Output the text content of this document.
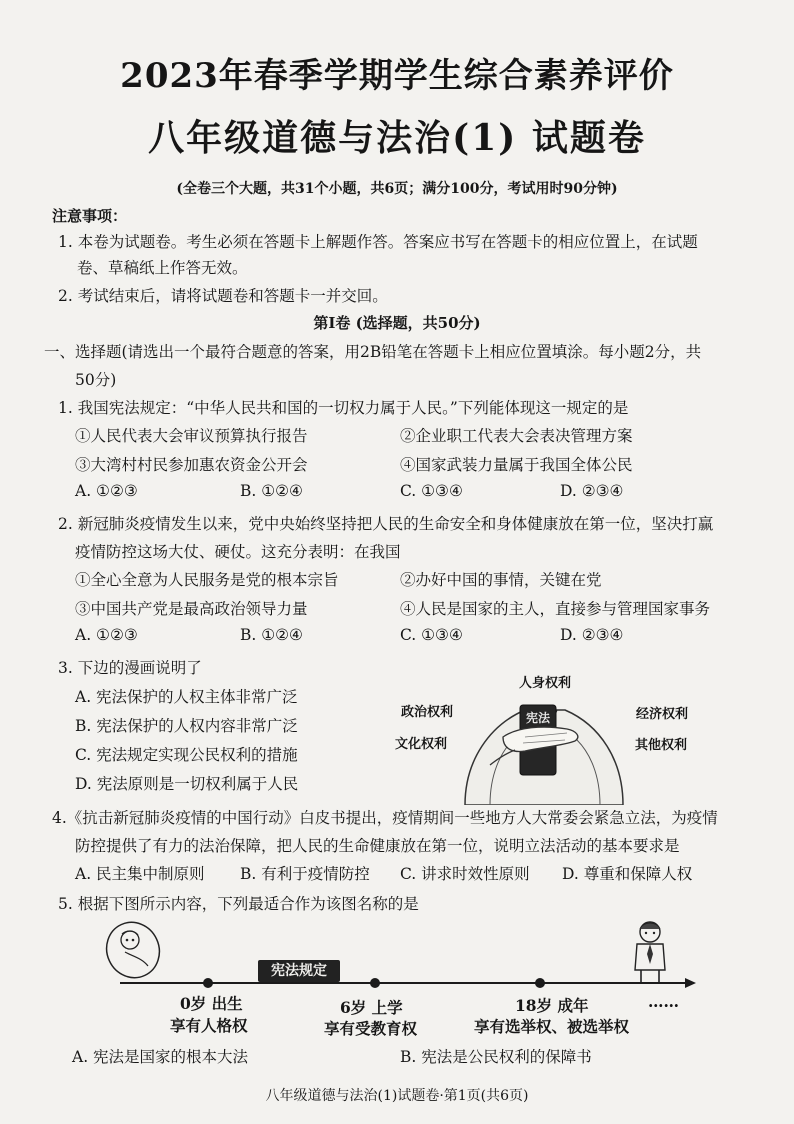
2023年春季学期学生综合素养评价
八年级道德与法治(1) 试题卷
(全卷三个大题，共31个小题，共6页；满分100分，考试用时90分钟)
注意事项：
1. 本卷为试题卷。考生必须在答题卡上解题作答。答案应书写在答题卡的相应位置上，在试题
卷、草稿纸上作答无效。
2. 考试结束后，请将试题卷和答题卡一并交回。
第Ⅰ卷 (选择题，共50分)
一、选择题(请选出一个最符合题意的答案，用2B铅笔在答题卡上相应位置填涂。每小题2分，共
50分)
1. 我国宪法规定：“中华人民共和国的一切权力属于人民。”下列能体现这一规定的是
①人民代表大会审议预算执行报告	②企业职工代表大会表决管理方案
③大湾村村民参加惠农资金公开会	④国家武装力量属于我国全体公民
A. ①②③	B. ①②④	C. ①③④	D. ②③④
2. 新冠肺炎疫情发生以来，党中央始终坚持把人民的生命安全和身体健康放在第一位，坚决打赢
疫情防控这场大仗、硬仗。这充分表明：在我国
①全心全意为人民服务是党的根本宗旨	②办好中国的事情，关键在党
③中国共产党是最高政治领导力量	④人民是国家的主人，直接参与管理国家事务
A. ①②③	B. ①②④	C. ①③④	D. ②③④
3. 下边的漫画说明了
A. 宪法保护的人权主体非常广泛
B. 宪法保护的人权内容非常广泛
C. 宪法规定实现公民权利的措施
D. 宪法原则是一切权利属于人民
人身权利
政治权利
文化权利
经济权利
其他权利
宪法
4.《抗击新冠肺炎疫情的中国行动》白皮书提出，疫情期间一些地方人大常委会紧急立法，为疫情
防控提供了有力的法治保障，把人民的生命健康放在第一位，说明立法活动的基本要求是
A. 民主集中制原则 B. 有利于疫情防控 C. 讲求时效性原则 D. 尊重和保障人权
5. 根据下图所示内容，下列最适合作为该图名称的是
宪法规定
0岁 出生
享有人格权
6岁 上学
享有受教育权
18岁 成年
享有选举权、被选举权
……
A. 宪法是国家的根本大法	B. 宪法是公民权利的保障书
八年级道德与法治(1)试题卷·第1页(共6页)
